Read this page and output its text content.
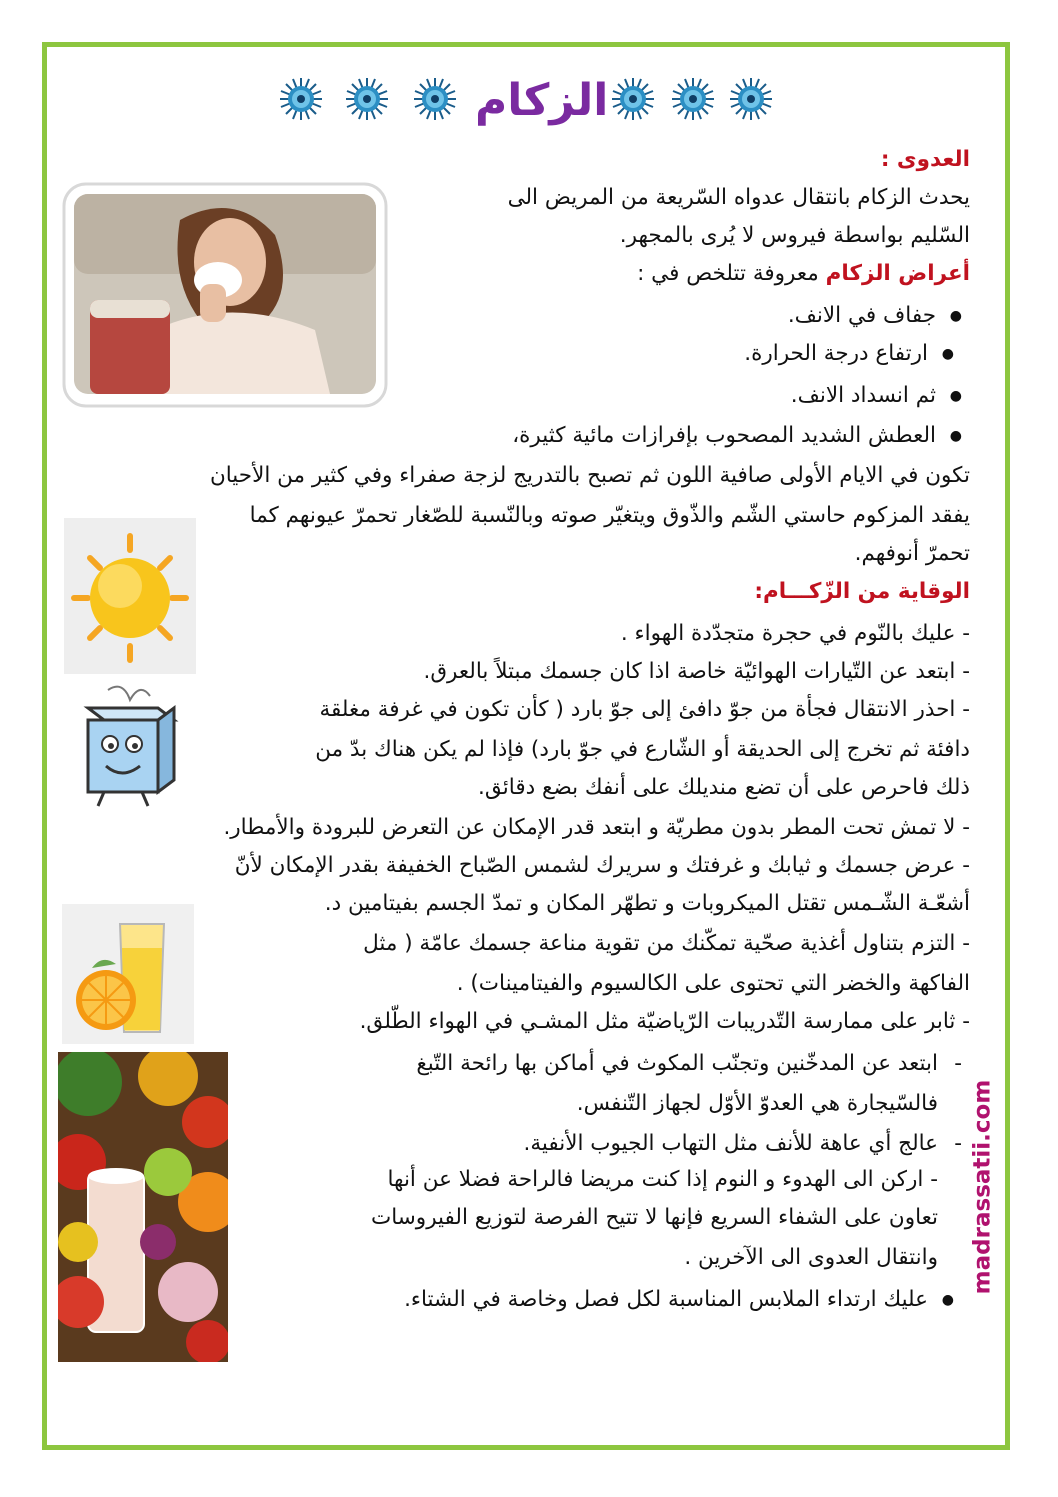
الزكام
العدوى :
يحدث الزكام بانتقال عدواه السّريعة من المريض الى
السّليم بواسطة فيروس لا يُرى بالمجهر.
أعراض الزكام معروفة تتلخص في :
● جفاف في الانف.
● ارتفاع درجة الحرارة.
● ثم انسداد الانف.
● العطش الشديد المصحوب بإفرازات مائية كثيرة،
تكون في الايام الأولى صافية اللون ثم تصبح بالتدريج لزجة صفراء وفي كثير من الأحيان
يفقد المزكوم حاستي الشّم والذّوق ويتغيّر صوته وبالنّسبة للصّغار تحمرّ عيونهم كما
تحمرّ أنوفهم.
الوقاية من الزّكـــام:
- عليك بالنّوم في حجرة متجدّدة الهواء .
- ابتعد عن التّيارات الهوائيّة خاصة اذا كان جسمك مبتلاً بالعرق.
- احذر الانتقال فجأة من جوّ دافئ إلى جوّ بارد ( كأن تكون في غرفة مغلقة
دافئة ثم تخرج إلى الحديقة أو الشّارع في جوّ بارد) فإذا لم يكن هناك بدّ من
ذلك فاحرص على أن تضع منديلك على أنفك بضع دقائق.
- لا تمش تحت المطر بدون مطريّة و ابتعد قدر الإمكان عن التعرض للبرودة والأمطار.
- عرض جسمك و ثيابك و غرفتك و سريرك لشمس الصّباح الخفيفة بقدر الإمكان لأنّ
أشعّـة الشّـمس تقتل الميكروبات و تطهّر المكان و تمدّ الجسم بفيتامين د.
- التزم بتناول أغذية صحّية تمكّنك من تقوية مناعة جسمك عامّة ( مثل
الفاكهة والخضر التي تحتوى على الكالسيوم والفيتامينات) .
- ثابر على ممارسة التّدريبات الرّياضيّة مثل المشـي في الهواء الطّلق.
- ابتعد عن المدخّنين وتجنّب المكوث في أماكن بها رائحة التّبغ
فالسّيجارة هي العدوّ الأوّل لجهاز التّنفس.
- عالج أي عاهة للأنف مثل التهاب الجيوب الأنفية.
- اركن الى الهدوء و النوم إذا كنت مريضا فالراحة فضلا عن أنها
تعاون على الشفاء السريع فإنها لا تتيح الفرصة لتوزيع الفيروسات
وانتقال العدوى الى الآخرين .
● عليك ارتداء الملابس المناسبة لكل فصل وخاصة في الشتاء.
madrassatii.com
